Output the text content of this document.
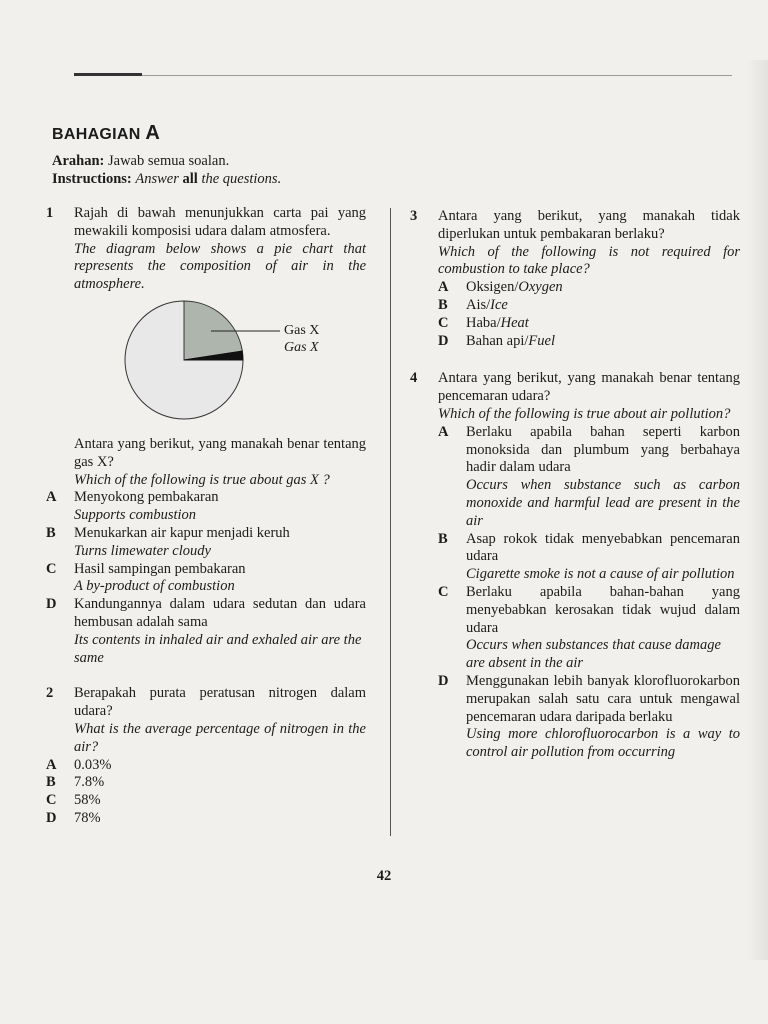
BAHAGIAN A
Arahan: Jawab semua soalan.
Instructions: Answer all the questions.
1	Rajah di bawah menunjukkan carta pai yang mewakili komposisi udara dalam atmosfera.
The diagram below shows a pie chart that represents the composition of air in the atmosphere.
Gas X
Gas X
Antara yang berikut, yang manakah benar tentang gas X?
Which of the following is true about gas X ?
A	Menyokong pembakaran
Supports combustion
B	Menukarkan air kapur menjadi keruh
Turns limewater cloudy
C	Hasil sampingan pembakaran
A by-product of combustion
D	Kandungannya dalam udara sedutan dan udara hembusan adalah sama
Its contents in inhaled air and exhaled air are the same
2	Berapakah purata peratusan nitrogen dalam udara?
What is the average percentage of nitrogen in the air?
A	0.03%
B	7.8%
C	58%
D	78%
3	Antara yang berikut, yang manakah tidak diperlukan untuk pembakaran berlaku?
Which of the following is not required for combustion to take place?
A	Oksigen/Oxygen
B	Ais/Ice
C	Haba/Heat
D	Bahan api/Fuel
4	Antara yang berikut, yang manakah benar tentang pencemaran udara?
Which of the following is true about air pollution?
A	Berlaku apabila bahan seperti karbon monoksida dan plumbum yang berbahaya hadir dalam udara
Occurs when substance such as carbon monoxide and harmful lead are present in the air
B	Asap rokok tidak menyebabkan pencemaran udara
Cigarette smoke is not a cause of air pollution
C	Berlaku apabila bahan-bahan yang menyebabkan kerosakan tidak wujud dalam udara
Occurs when substances that cause damage are absent in the air
D	Menggunakan lebih banyak klorofluorokarbon merupakan salah satu cara untuk mengawal pencemaran udara daripada berlaku
Using more chlorofluorocarbon is a way to control air pollution from occurring
42
